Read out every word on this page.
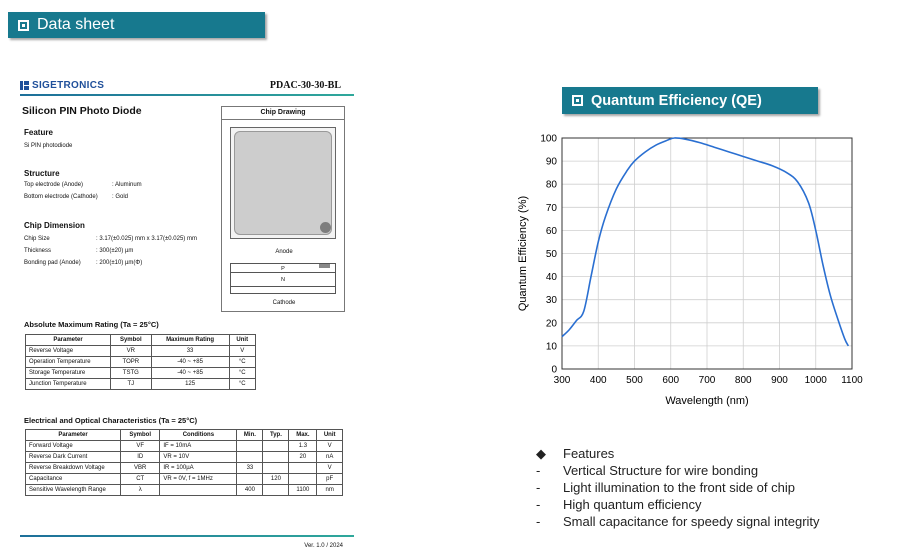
Data sheet
SIGETRONICS	PDAC-30-30-BL
Silicon PIN Photo Diode
Feature
Si PIN photodiode
Structure
Top electrode (Anode)	: Aluminum
Bottom electrode (Cathode)	: Gold
Chip Dimension
Chip Size	: 3.17(±0.025) mm x 3.17(±0.025) mm
Thickness	: 300(±20) µm
Bonding pad (Anode)	: 200(±10) µm(Φ)
Chip Drawing
Anode
P
N
Cathode
Absolute Maximum Rating (Ta = 25°C)
Parameter	Symbol	Maximum Rating	Unit
Reverse Voltage	VR	33	V
Operation Temperature	TOPR	-40 ~ +85	°C
Storage Temperature	TSTG	-40 ~ +85	°C
Junction Temperature	TJ	125	°C
Electrical and Optical Characteristics (Ta = 25°C)
Parameter	Symbol	Conditions	Min.	Typ.	Max.	Unit
Forward Voltage	VF	IF = 10mA			1.3	V
Reverse Dark Current	ID	VR = 10V			20	nA
Reverse Breakdown Voltage	VBR	IR = 100µA	33			V
Capacitance	CT	VR = 0V, f = 1MHz		120		pF
Sensitive Wavelength Range	λ		400		1100	nm
Ver. 1.0 / 2024
Quantum Efficiency (QE)
300 400 500 600 700 800 900 1000 1100
0
10
20
30
40
50
60
70
80
90
100
Wavelength (nm)
Quantum Efficiency (%)
◆	Features
-	Vertical Structure for wire bonding
-	Light illumination to the front side of chip
-	High quantum efficiency
-	Small capacitance for speedy signal integrity
